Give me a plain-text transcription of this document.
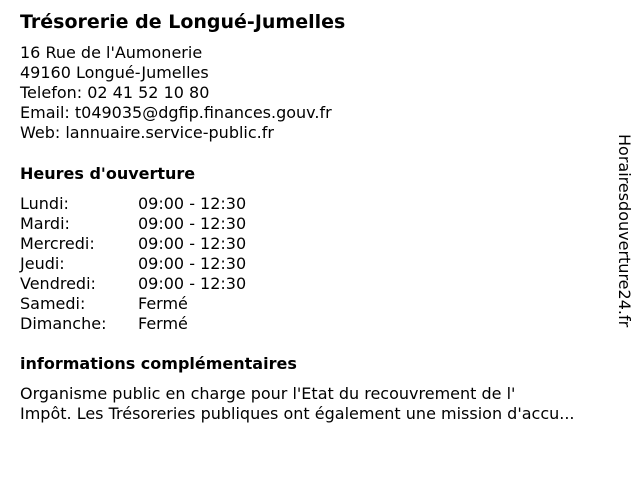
Trésorerie de Longué-Jumelles
16 Rue de l'Aumonerie
49160 Longué-Jumelles
Telefon: 02 41 52 10 80
Email: t049035@dgfip.finances.gouv.fr
Web: lannuaire.service-public.fr
Heures d'ouverture
Lundi:	09:00 - 12:30
Mardi:	09:00 - 12:30
Mercredi:	09:00 - 12:30
Jeudi:	09:00 - 12:30
Vendredi:	09:00 - 12:30
Samedi:	Fermé
Dimanche: Fermé
informations complémentaires
Organisme public en charge pour l'Etat du recouvrement de l'
Impôt. Les Trésoreries publiques ont également une mission d'accu...
Horairesdouverture24.fr
